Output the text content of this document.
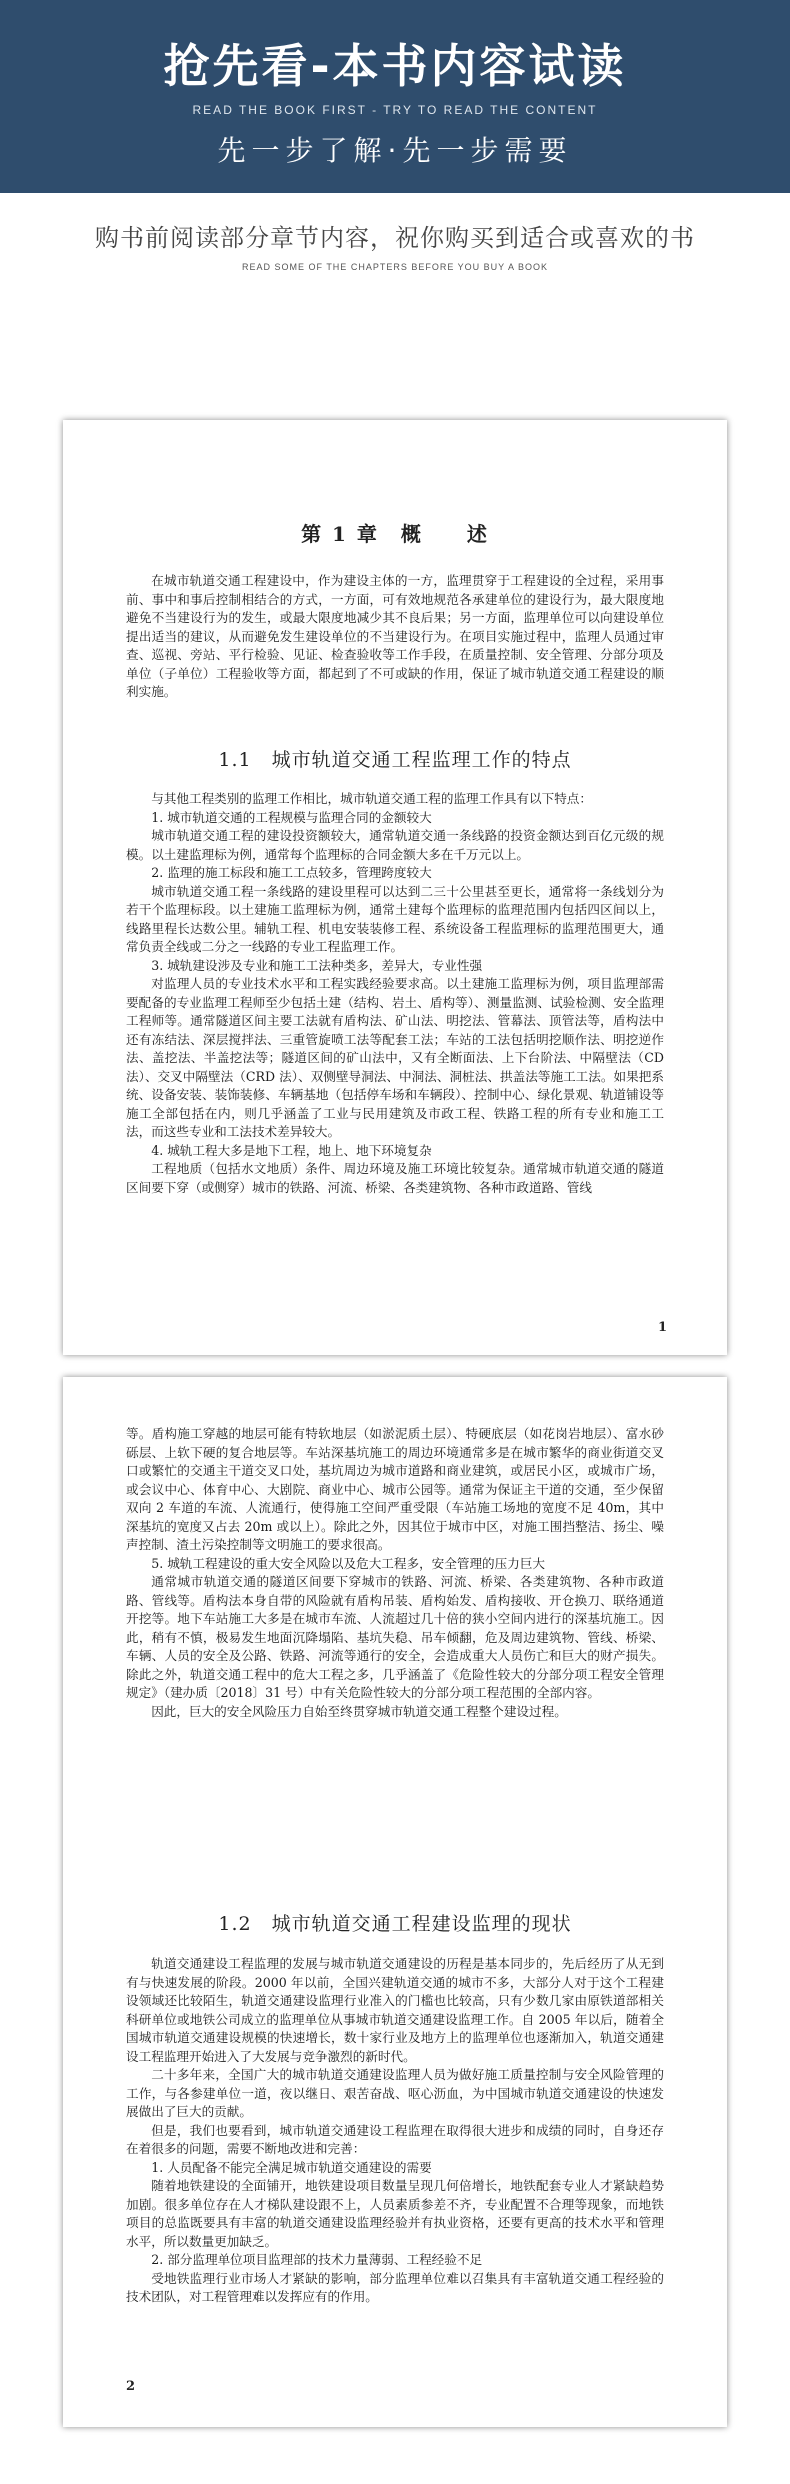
抢先看-本书内容试读
READ THE BOOK FIRST - TRY TO READ THE CONTENT
先一步了解·先一步需要
购书前阅读部分章节内容，祝你购买到适合或喜欢的书
READ SOME OF THE CHAPTERS BEFORE YOU BUY A BOOK
第 1 章　概　　述

在城市轨道交通工程建设中，作为建设主体的一方，监理贯穿于工程建设的全过程，采用事前、事中和事后控制相结合的方式，一方面，可有效地规范各承建单位的建设行为，最大限度地避免不当建设行为的发生，或最大限度地减少其不良后果；另一方面，监理单位可以向建设单位提出适当的建议，从而避免发生建设单位的不当建设行为。在项目实施过程中，监理人员通过审查、巡视、旁站、平行检验、见证、检查验收等工作手段，在质量控制、安全管理、分部分项及单位（子单位）工程验收等方面，都起到了不可或缺的作用，保证了城市轨道交通工程建设的顺利实施。

1.1　城市轨道交通工程监理工作的特点

与其他工程类别的监理工作相比，城市轨道交通工程的监理工作具有以下特点：

1. 城市轨道交通的工程规模与监理合同的金额较大

城市轨道交通工程的建设投资额较大，通常轨道交通一条线路的投资金额达到百亿元级的规模。以土建监理标为例，通常每个监理标的合同金额大多在千万元以上。

2. 监理的施工标段和施工工点较多，管理跨度较大

城市轨道交通工程一条线路的建设里程可以达到二三十公里甚至更长，通常将一条线划分为若干个监理标段。以土建施工监理标为例，通常土建每个监理标的监理范围内包括四区间以上，线路里程长达数公里。辅轨工程、机电安装装修工程、系统设备工程监理标的监理范围更大，通常负责全线或二分之一线路的专业工程监理工作。

3. 城轨建设涉及专业和施工工法种类多，差异大，专业性强

对监理人员的专业技术水平和工程实践经验要求高。以土建施工监理标为例，项目监理部需要配备的专业监理工程师至少包括土建（结构、岩土、盾构等）、测量监测、试验检测、安全监理工程师等。通常隧道区间主要工法就有盾构法、矿山法、明挖法、管幕法、顶管法等，盾构法中还有冻结法、深层搅拌法、三重管旋喷工法等配套工法；车站的工法包括明挖顺作法、明挖逆作法、盖挖法、半盖挖法等；隧道区间的矿山法中，又有全断面法、上下台阶法、中隔壁法（CD 法）、交叉中隔壁法（CRD 法）、双侧壁导洞法、中洞法、洞桩法、拱盖法等施工工法。如果把系统、设备安装、装饰装修、车辆基地（包括停车场和车辆段）、控制中心、绿化景观、轨道铺设等施工全部包括在内，则几乎涵盖了工业与民用建筑及市政工程、铁路工程的所有专业和施工工法，而这些专业和工法技术差异较大。

4. 城轨工程大多是地下工程，地上、地下环境复杂

工程地质（包括水文地质）条件、周边环境及施工环境比较复杂。通常城市轨道交通的隧道区间要下穿（或侧穿）城市的铁路、河流、桥梁、各类建筑物、各种市政道路、管线

1

等。盾构施工穿越的地层可能有特软地层（如淤泥质土层）、特硬底层（如花岗岩地层）、富水砂砾层、上软下硬的复合地层等。车站深基坑施工的周边环境通常多是在城市繁华的商业街道交叉口或繁忙的交通主干道交叉口处，基坑周边为城市道路和商业建筑，或居民小区，或城市广场，或会议中心、体育中心、大剧院、商业中心、城市公园等。通常为保证主干道的交通，至少保留双向 2 车道的车流、人流通行，使得施工空间严重受限（车站施工场地的宽度不足 40m，其中深基坑的宽度又占去 20m 或以上）。除此之外，因其位于城市中区，对施工围挡整洁、扬尘、噪声控制、渣土污染控制等文明施工的要求很高。

5. 城轨工程建设的重大安全风险以及危大工程多，安全管理的压力巨大

通常城市轨道交通的隧道区间要下穿城市的铁路、河流、桥梁、各类建筑物、各种市政道路、管线等。盾构法本身自带的风险就有盾构吊装、盾构始发、盾构接收、开仓换刀、联络通道开挖等。地下车站施工大多是在城市车流、人流超过几十倍的狭小空间内进行的深基坑施工。因此，稍有不慎，极易发生地面沉降塌陷、基坑失稳、吊车倾翻，危及周边建筑物、管线、桥梁、车辆、人员的安全及公路、铁路、河流等通行的安全，会造成重大人员伤亡和巨大的财产损失。除此之外，轨道交通工程中的危大工程之多，几乎涵盖了《危险性较大的分部分项工程安全管理规定》（建办质〔2018〕31 号）中有关危险性较大的分部分项工程范围的全部内容。

因此，巨大的安全风险压力自始至终贯穿城市轨道交通工程整个建设过程。

1.2　城市轨道交通工程建设监理的现状

轨道交通建设工程监理的发展与城市轨道交通建设的历程是基本同步的，先后经历了从无到有与快速发展的阶段。2000 年以前，全国兴建轨道交通的城市不多，大部分人对于这个工程建设领域还比较陌生，轨道交通建设监理行业准入的门槛也比较高，只有少数几家由原铁道部相关科研单位或地铁公司成立的监理单位从事城市轨道交通建设监理工作。自 2005 年以后，随着全国城市轨道交通建设规模的快速增长，数十家行业及地方上的监理单位也逐渐加入，轨道交通建设工程监理开始进入了大发展与竞争激烈的新时代。

二十多年来，全国广大的城市轨道交通建设监理人员为做好施工质量控制与安全风险管理的工作，与各参建单位一道，夜以继日、艰苦奋战、呕心沥血，为中国城市轨道交通建设的快速发展做出了巨大的贡献。

但是，我们也要看到，城市轨道交通建设工程监理在取得很大进步和成绩的同时，自身还存在着很多的问题，需要不断地改进和完善：

1. 人员配备不能完全满足城市轨道交通建设的需要

随着地铁建设的全面铺开，地铁建设项目数量呈现几何倍增长，地铁配套专业人才紧缺趋势加剧。很多单位存在人才梯队建设跟不上，人员素质参差不齐，专业配置不合理等现象，而地铁项目的总监既要具有丰富的轨道交通建设监理经验并有执业资格，还要有更高的技术水平和管理水平，所以数量更加缺乏。

2. 部分监理单位项目监理部的技术力量薄弱、工程经验不足

受地铁监理行业市场人才紧缺的影响，部分监理单位难以召集具有丰富轨道交通工程经验的技术团队，对工程管理难以发挥应有的作用。

2
